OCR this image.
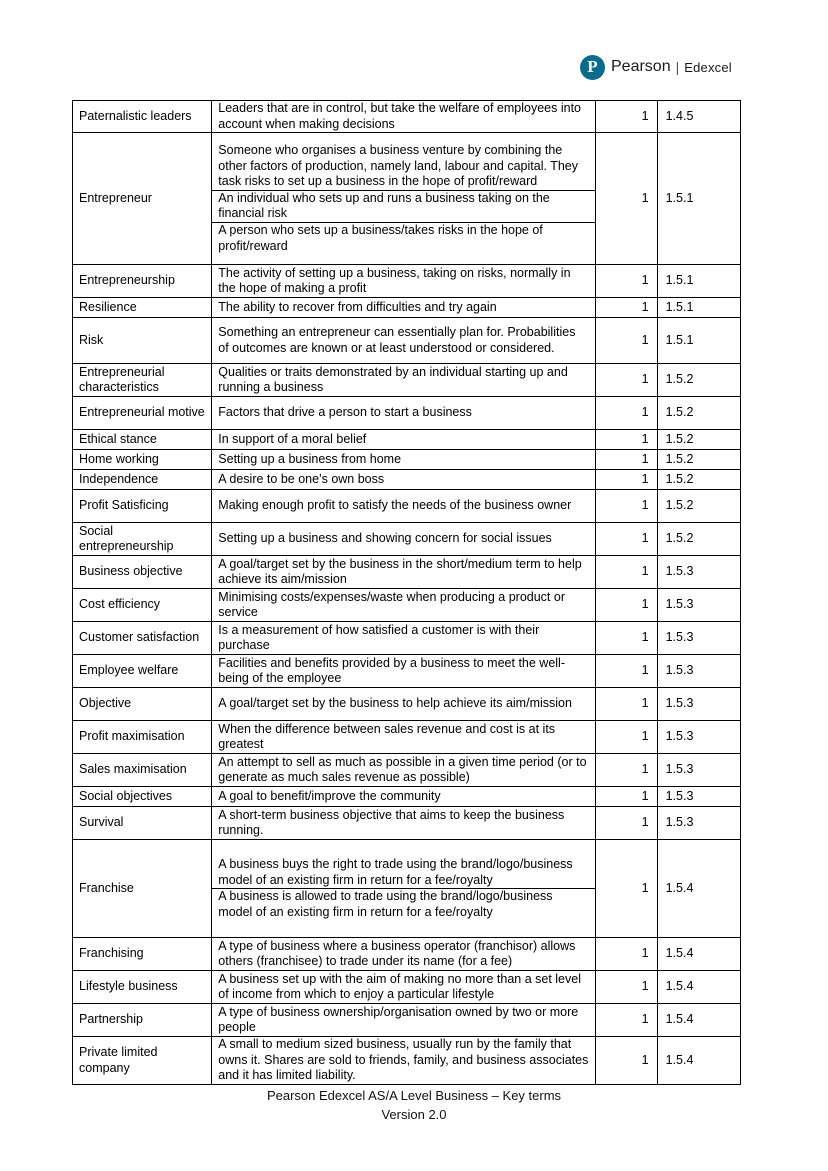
P Pearson | Edexcel
Paternalistic leaders	Leaders that are in control, but take the welfare of employees into account when making decisions	1	1.4.5
Entrepreneur	Someone who organises a business venture by combining the other factors of production, namely land, labour and capital. They task risks to set up a business in the hope of profit/reward
An individual who sets up and runs a business taking on the financial risk
A person who sets up a business/takes risks in the hope of profit/reward	1	1.5.1
Entrepreneurship	The activity of setting up a business, taking on risks, normally in the hope of making a profit	1	1.5.1
Resilience	The ability to recover from difficulties and try again	1	1.5.1
Risk	Something an entrepreneur can essentially plan for. Probabilities of outcomes are known or at least understood or considered.	1	1.5.1
Entrepreneurial characteristics	Qualities or traits demonstrated by an individual starting up and running a business	1	1.5.2
Entrepreneurial motive	Factors that drive a person to start a business	1	1.5.2
Ethical stance	In support of a moral belief	1	1.5.2
Home working	Setting up a business from home	1	1.5.2
Independence	A desire to be one’s own boss	1	1.5.2
Profit Satisficing	Making enough profit to satisfy the needs of the business owner	1	1.5.2
Social entrepreneurship	Setting up a business and showing concern for social issues	1	1.5.2
Business objective	A goal/target set by the business in the short/medium term to help achieve its aim/mission	1	1.5.3
Cost efficiency	Minimising costs/expenses/waste when producing a product or service	1	1.5.3
Customer satisfaction	Is a measurement of how satisfied a customer is with their purchase	1	1.5.3
Employee welfare	Facilities and benefits provided by a business to meet the well-being of the employee	1	1.5.3
Objective	A goal/target set by the business to help achieve its aim/mission	1	1.5.3
Profit maximisation	When the difference between sales revenue and cost is at its greatest	1	1.5.3
Sales maximisation	An attempt to sell as much as possible in a given time period (or to generate as much sales revenue as possible)	1	1.5.3
Social objectives	A goal to benefit/improve the community	1	1.5.3
Survival	A short-term business objective that aims to keep the business running.	1	1.5.3
Franchise	A business buys the right to trade using the brand/logo/business model of an existing firm in return for a fee/royalty
A business is allowed to trade using the brand/logo/business model of an existing firm in return for a fee/royalty	1	1.5.4
Franchising	A type of business where a business operator (franchisor) allows others (franchisee) to trade under its name (for a fee)	1	1.5.4
Lifestyle business	A business set up with the aim of making no more than a set level of income from which to enjoy a particular lifestyle	1	1.5.4
Partnership	A type of business ownership/organisation owned by two or more people	1	1.5.4
Private limited company	A small to medium sized business, usually run by the family that owns it. Shares are sold to friends, family, and business associates and it has limited liability.	1	1.5.4
Pearson Edexcel AS/A Level Business – Key terms
Version 2.0
